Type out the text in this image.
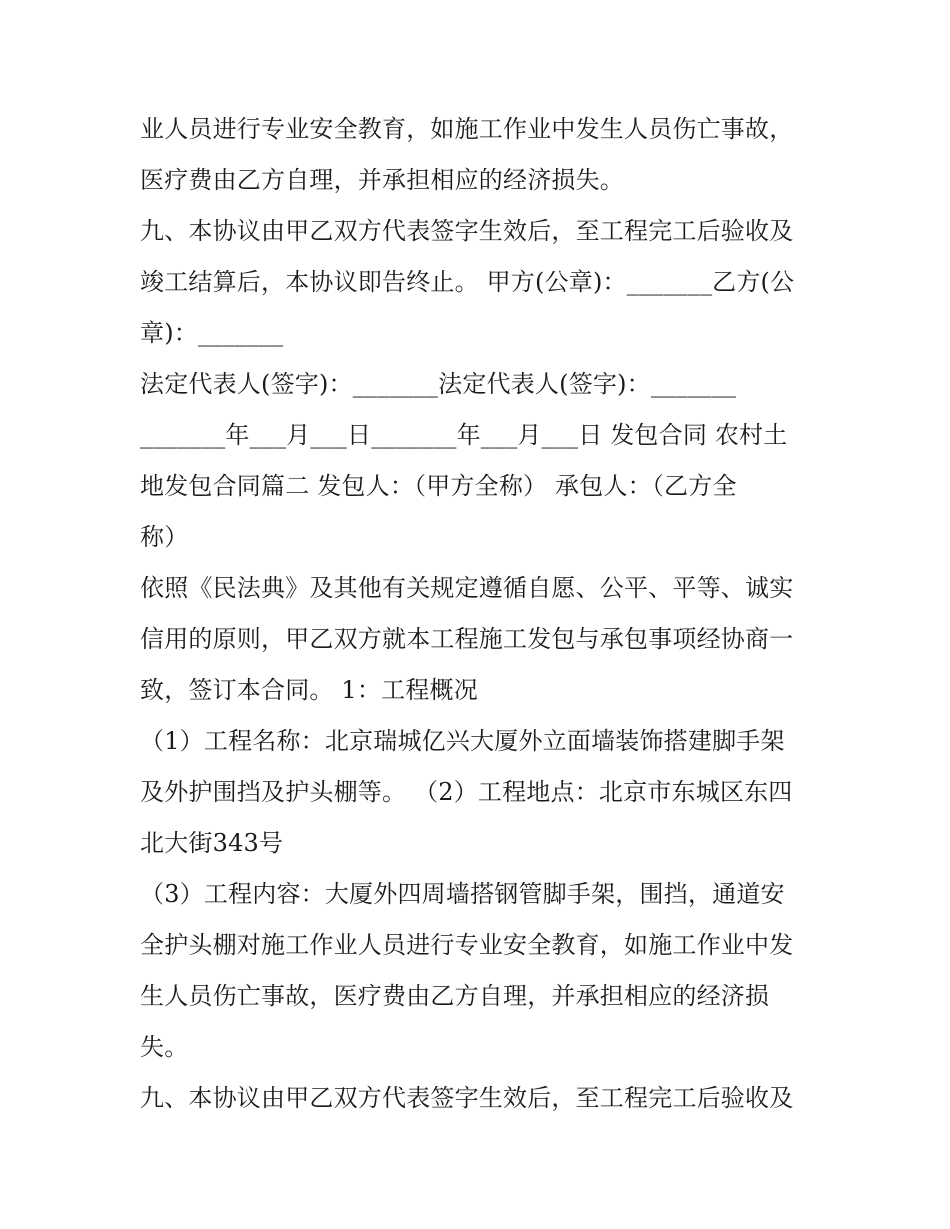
业人员进行专业安全教育，如施工作业中发生人员伤亡事故，
医疗费由乙方自理，并承担相应的经济损失。
九、本协议由甲乙双方代表签字生效后，至工程完工后验收及
竣工结算后，本协议即告终止。 甲方(公章)：_______乙方(公
章)：_______
法定代表人(签字)：_______法定代表人(签字)：_______
_______年___月___日_______年___月___日 发包合同 农村土
地发包合同篇二 发包人：（甲方全称） 承包人：（乙方全
称）
依照《民法典》及其他有关规定遵循自愿、公平、平等、诚实
信用的原则，甲乙双方就本工程施工发包与承包事项经协商一
致，签订本合同。 1：工程概况
（1）工程名称：北京瑞城亿兴大厦外立面墙装饰搭建脚手架
及外护围挡及护头棚等。 （2）工程地点：北京市东城区东四
北大街343号
（3）工程内容：大厦外四周墙搭钢管脚手架，围挡，通道安
全护头棚对施工作业人员进行专业安全教育，如施工作业中发
生人员伤亡事故，医疗费由乙方自理，并承担相应的经济损
失。
九、本协议由甲乙双方代表签字生效后，至工程完工后验收及
